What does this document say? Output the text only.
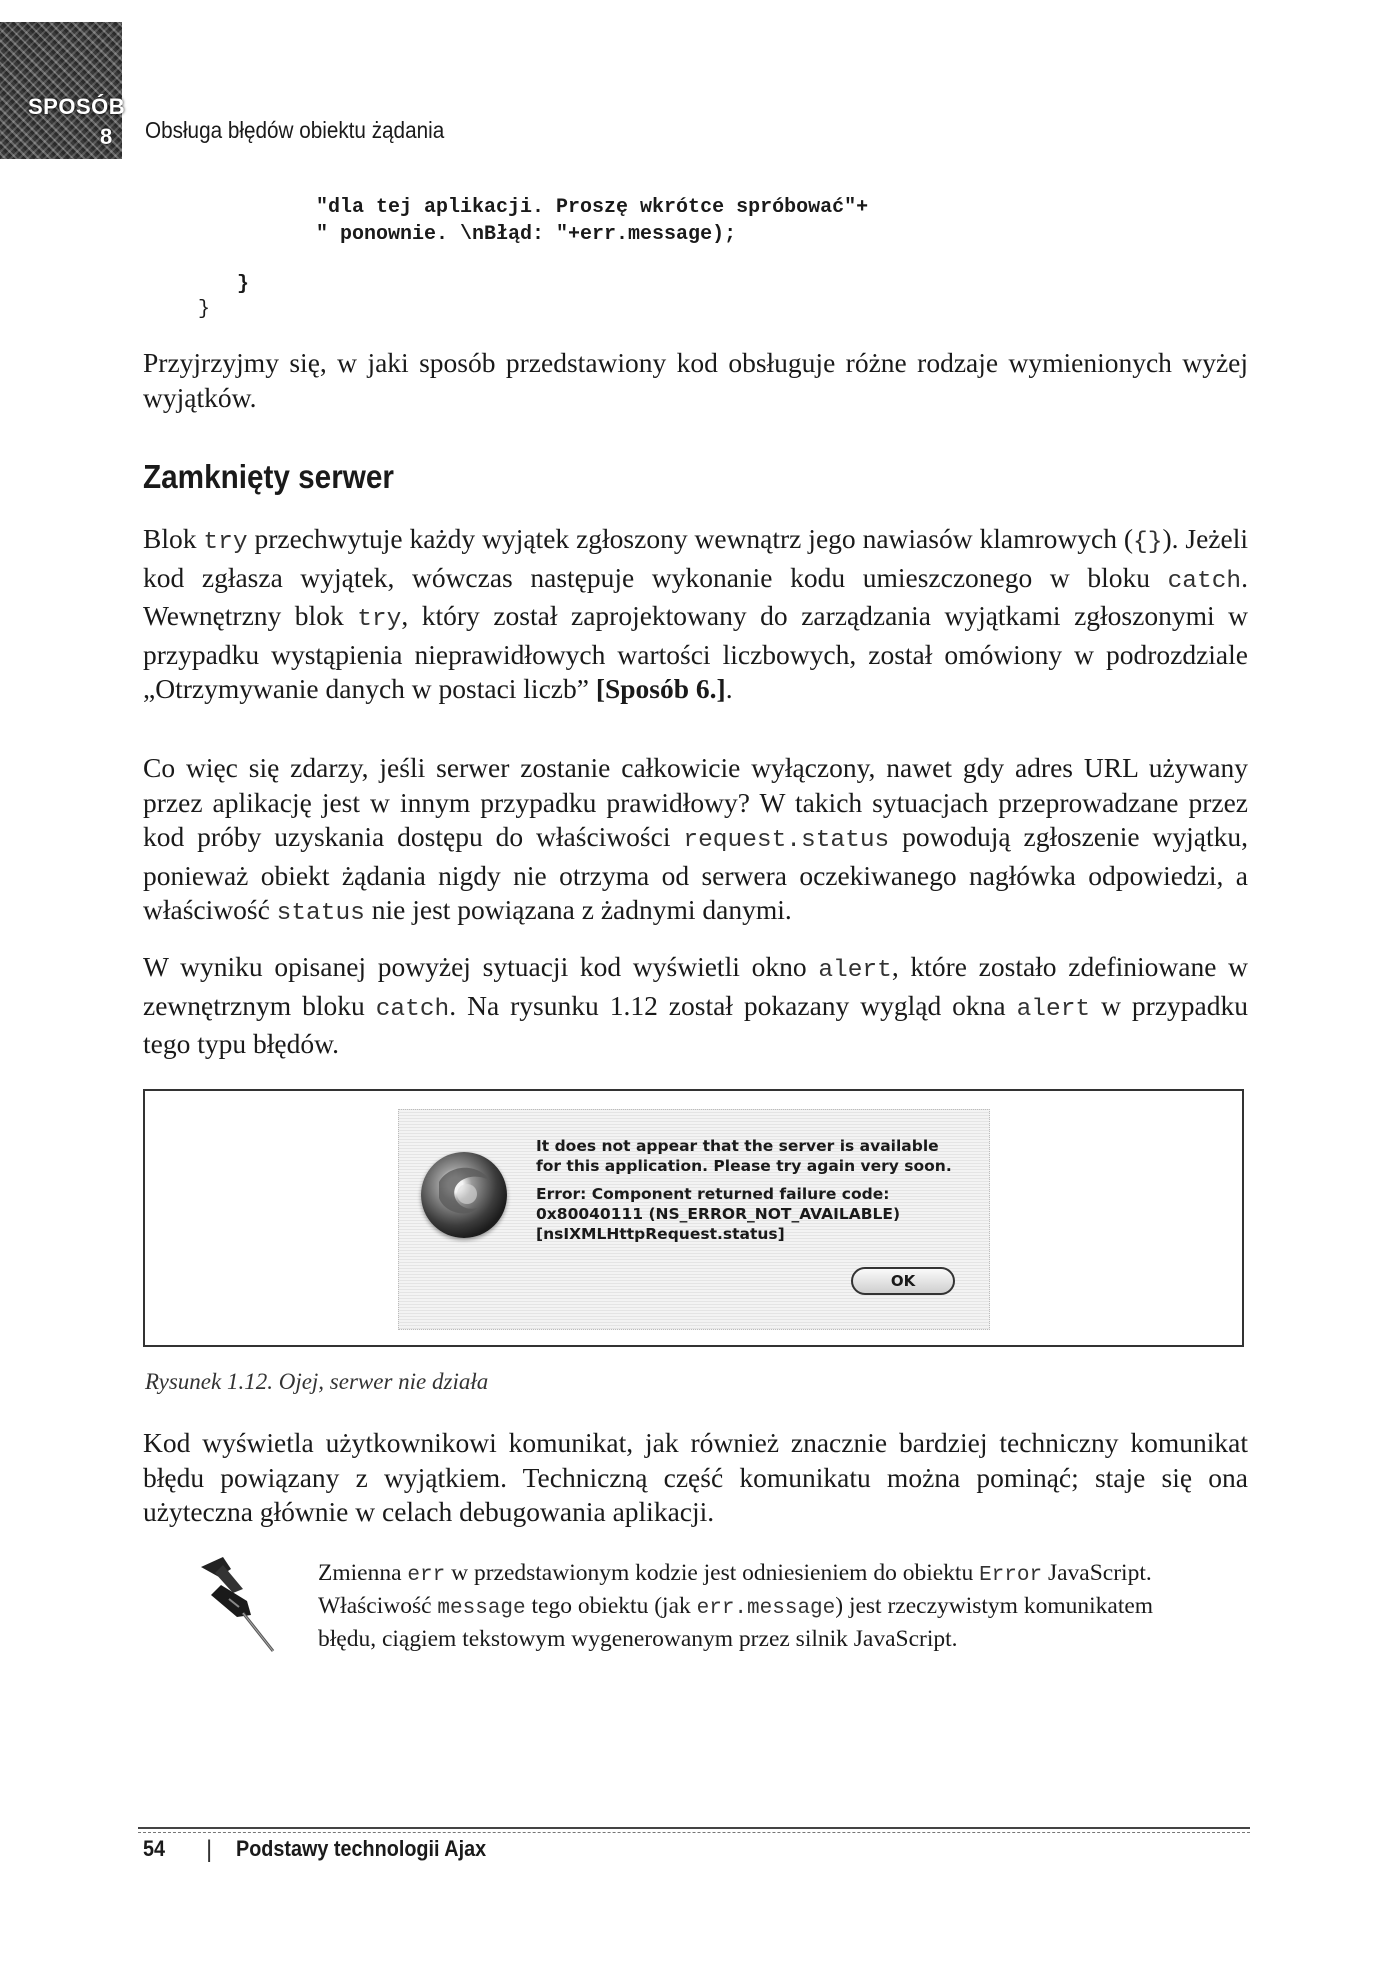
SPOSÓB
8 Obsługa błędów obiektu żądania
"dla tej aplikacji. Proszę wkrótce spróbować"+
" ponownie. \nBłąd: "+err.message);
}
}
Przyjrzyjmy się, w jaki sposób przedstawiony kod obsługuje różne rodzaje wymienionych wyżej wyjątków.
Zamknięty serwer
Blok try przechwytuje każdy wyjątek zgłoszony wewnątrz jego nawiasów klamrowych ({}). Jeżeli kod zgłasza wyjątek, wówczas następuje wykonanie kodu umieszczonego w bloku catch. Wewnętrzny blok try, który został zaprojektowany do zarządzania wyjątkami zgłoszonymi w przypadku wystąpienia nieprawidłowych wartości liczbowych, został omówiony w podrozdziale „Otrzymywanie danych w postaci liczb” [Sposób 6.].
Co więc się zdarzy, jeśli serwer zostanie całkowicie wyłączony, nawet gdy adres URL używany przez aplikację jest w innym przypadku prawidłowy? W takich sytuacjach przeprowadzane przez kod próby uzyskania dostępu do właściwości request.status powodują zgłoszenie wyjątku, ponieważ obiekt żądania nigdy nie otrzyma od serwera oczekiwanego nagłówka odpowiedzi, a właściwość status nie jest powiązana z żadnymi danymi.
W wyniku opisanej powyżej sytuacji kod wyświetli okno alert, które zostało zdefiniowane w zewnętrznym bloku catch. Na rysunku 1.12 został pokazany wygląd okna alert w przypadku tego typu błędów.
It does not appear that the server is available
for this application. Please try again very soon.
Error: Component returned failure code:
0x80040111 (NS_ERROR_NOT_AVAILABLE)
[nsIXMLHttpRequest.status]
OK
Rysunek 1.12. Ojej, serwer nie działa
Kod wyświetla użytkownikowi komunikat, jak również znacznie bardziej techniczny komunikat błędu powiązany z wyjątkiem. Techniczną część komunikatu można pominąć; staje się ona użyteczna głównie w celach debugowania aplikacji.
Zmienna err w przedstawionym kodzie jest odniesieniem do obiektu Error JavaScript. Właściwość message tego obiektu (jak err.message) jest rzeczywistym komunikatem błędu, ciągiem tekstowym wygenerowanym przez silnik JavaScript.
54 | Podstawy technologii Ajax
